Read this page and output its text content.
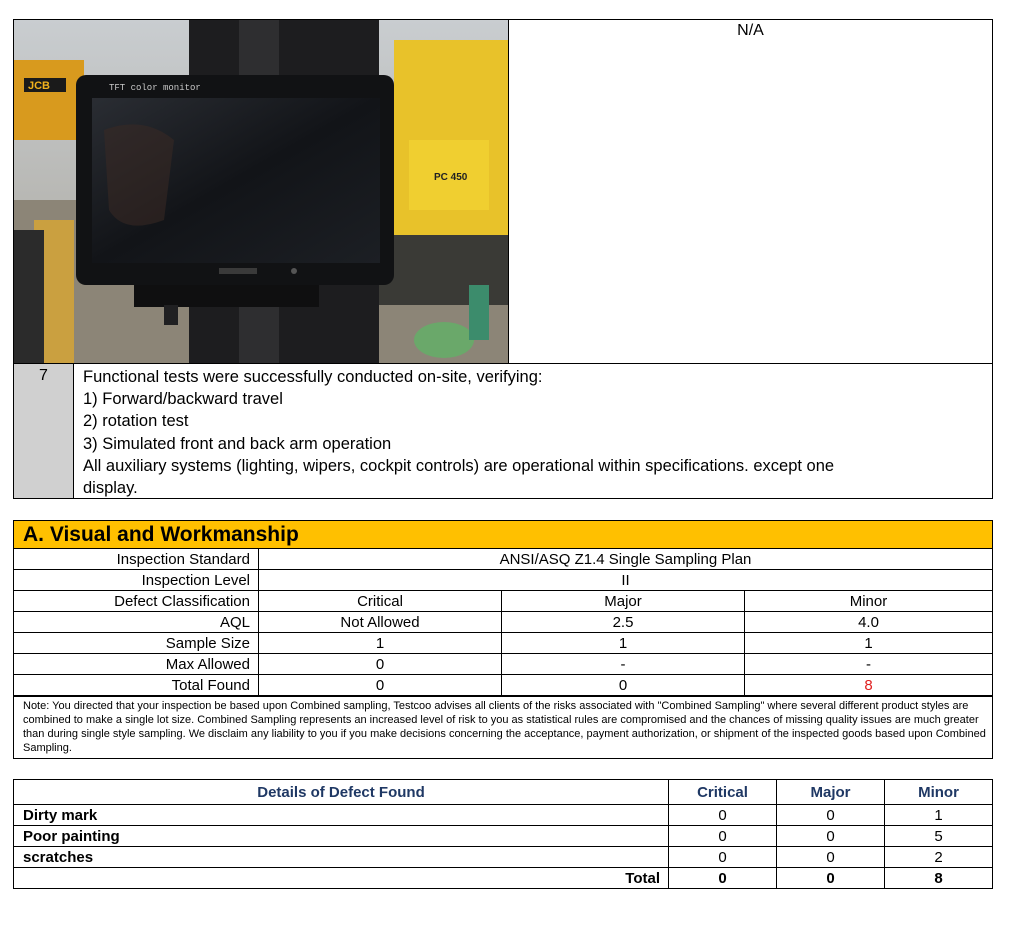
JCB
PC 450
TFT color monitor
N/A
7	Functional tests were successfully conducted on-site, verifying:
1) Forward/backward travel
2) rotation test
3) Simulated front and back arm operation
All auxiliary systems (lighting, wipers, cockpit controls) are operational within specifications. except one
display.
A. Visual and Workmanship
Inspection Standard	ANSI/ASQ Z1.4 Single Sampling Plan		
Inspection Level	II		
Defect Classification	Critical	Major	Minor
AQL	Not Allowed	2.5	4.0
Sample Size	1	1	1
Max Allowed	0	-	-
Total Found	0	0	8
Note: You directed that your inspection be based upon Combined sampling, Testcoo advises all clients of the risks associated with "Combined Sampling" where several different product styles are combined to make a single lot size. Combined Sampling represents an increased level of risk to you as statistical rules are compromised and the chances of missing quality issues are much greater than during single style sampling. We disclaim any liability to you if you make decisions concerning the acceptance, payment authorization, or shipment of the inspected goods based upon Combined Sampling.
Details of Defect Found	Critical	Major	Minor
Dirty mark	0	0	1
Poor painting	0	0	5
scratches	0	0	2
Total	0	0	8
